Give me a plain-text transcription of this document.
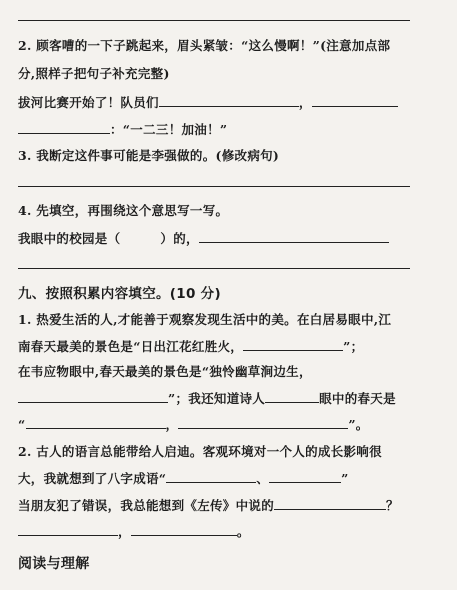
2. 顾客嘈的一下子跳起来，眉头紧皱：“这么慢啊！”(注意加点部
分,照样子把句子补充完整)
拔河比赛开始了！队员们	，
：“一二三！加油！”
3. 我断定这件事可能是李强做的。(修改病句)
4. 先填空，再围绕这个意思写一写。
我眼中的校园是（	）的，
九、按照积累内容填空。(10 分)
1. 热爱生活的人,才能善于观察发现生活中的美。在白居易眼中,江
南春天最美的景色是“日出江花红胜火，	”；
在韦应物眼中,春天最美的景色是“独怜幽草涧边生，
”；我还知道诗人	眼中的春天是
“	，	”。
2. 古人的语言总能带给人启迪。客观环境对一个人的成长影响很
大，我就想到了八字成语“	、	”
当朋友犯了错误，我总能想到《左传》中说的	？
，	。
阅读与理解
